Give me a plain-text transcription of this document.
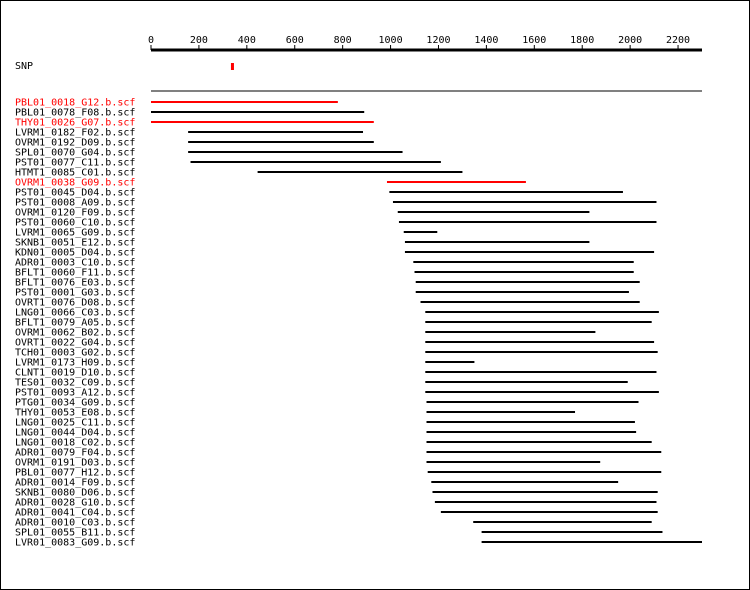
0	200	400	600	800	1000 1200 1400 1600 1800 2000 2200
SNP
PBL01_0018_G12.b.scf
PBL01_0078_F08.b.scf
THY01_0026_G07.b.scf
LVRM1_0182_F02.b.scf
OVRM1_0192_D09.b.scf
SPL01_0070_G04.b.scf
PST01_0077_C11.b.scf
HTMT1_0085_C01.b.scf
OVRM1_0038_G09.b.scf
PST01_0045_D04.b.scf
PST01_0008_A09.b.scf
OVRM1_0120_F09.b.scf
PST01_0060_C10.b.scf
LVRM1_0065_G09.b.scf
SKNB1_0051_E12.b.scf
KDN01_0005_D04.b.scf
ADR01_0003_C10.b.scf
BFLT1_0060_F11.b.scf
BFLT1_0076_E03.b.scf
PST01_0001_G03.b.scf
OVRT1_0076_D08.b.scf
LNG01_0066_C03.b.scf
BFLT1_0079_A05.b.scf
OVRM1_0062_B02.b.scf
OVRT1_0022_G04.b.scf
TCH01_0003_G02.b.scf
LVRM1_0173_H09.b.scf
CLNT1_0019_D10.b.scf
TES01_0032_C09.b.scf
PST01_0093_A12.b.scf
PTG01_0034_G09.b.scf
THY01_0053_E08.b.scf
LNG01_0025_C11.b.scf
LNG01_0044_D04.b.scf
LNG01_0018_C02.b.scf
ADR01_0079_F04.b.scf
OVRM1_0191_D03.b.scf
PBL01_0077_H12.b.scf
ADR01_0014_F09.b.scf
SKNB1_0080_D06.b.scf
ADR01_0028_G10.b.scf
ADR01_0041_C04.b.scf
ADR01_0010_C03.b.scf
SPL01_0055_B11.b.scf
LVR01_0083_G09.b.scf
